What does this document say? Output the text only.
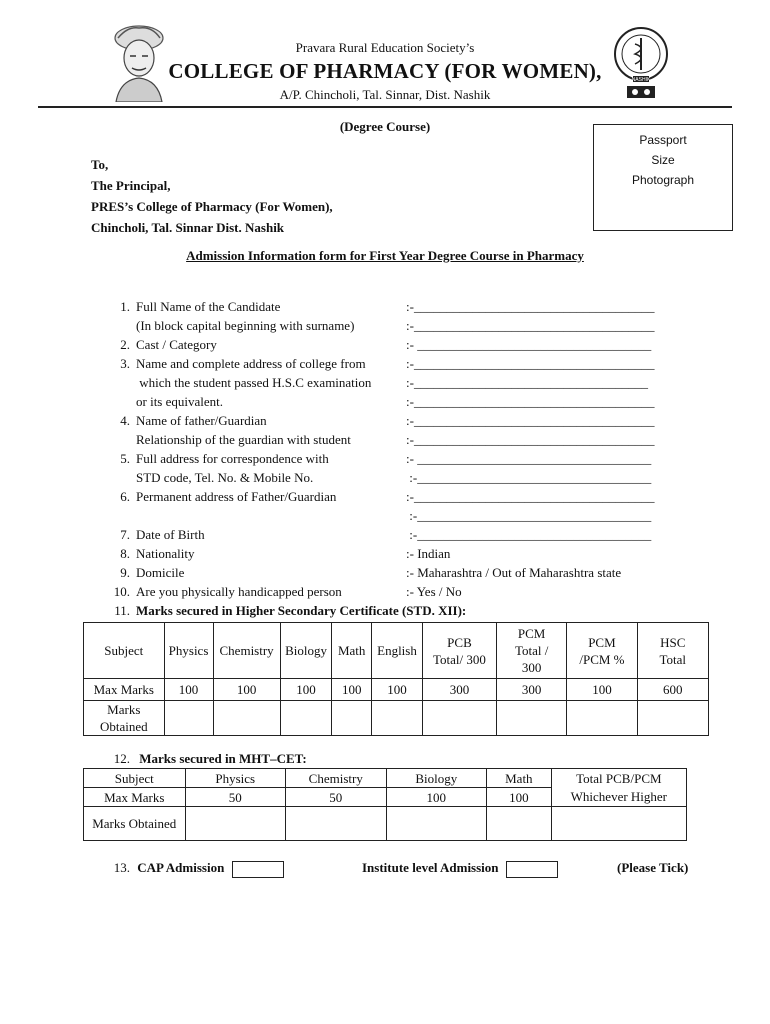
NASHIK
Pravara Rural Education Society’s
COLLEGE OF PHARMACY (FOR WOMEN),
A/P. Chincholi, Tal. Sinnar, Dist. Nashik
(Degree Course)
Passport
Size
Photograph
To,
The Principal,
PRES’s College of Pharmacy (For Women),
Chincholi, Tal. Sinnar Dist. Nashik
Admission Information form for First Year Degree Course in Pharmacy
1. Full Name of the Candidate	:-_____________________________________
(In block capital beginning with surname)	:-_____________________________________
2. Cast / Category	:- ____________________________________
3. Name and complete address of college from	:-_____________________________________
which the student passed H.S.C examination	:-____________________________________
or its equivalent.	:-_____________________________________
4. Name of father/Guardian	:-_____________________________________
Relationship of the guardian with student	:-_____________________________________
5. Full address for correspondence with	:- ____________________________________
STD code, Tel. No. & Mobile No.	:-____________________________________
6. Permanent address of Father/Guardian	:-_____________________________________
:-____________________________________
7. Date of Birth	:-____________________________________
8. Nationality	:- Indian
9. Domicile	:- Maharashtra / Out of Maharashtra state
10. Are you physically handicapped person	:- Yes / No
11. Marks secured in Higher Secondary Certificate (STD. XII):
Subject	Physics	Chemistry	Biology	Math	English	PCB Total/ 300	PCM Total / 300	PCM /PCM %	HSC Total
Max Marks	100	100	100	100	100	300	300	100	600
Marks Obtained									
12. Marks secured in MHT–CET:
Subject	Physics	Chemistry	Biology	Math	Total PCB/PCM Whichever Higher
Max Marks	50	50	100	100	
Marks Obtained					
13. CAP Admission	Institute level Admission	(Please Tick)
